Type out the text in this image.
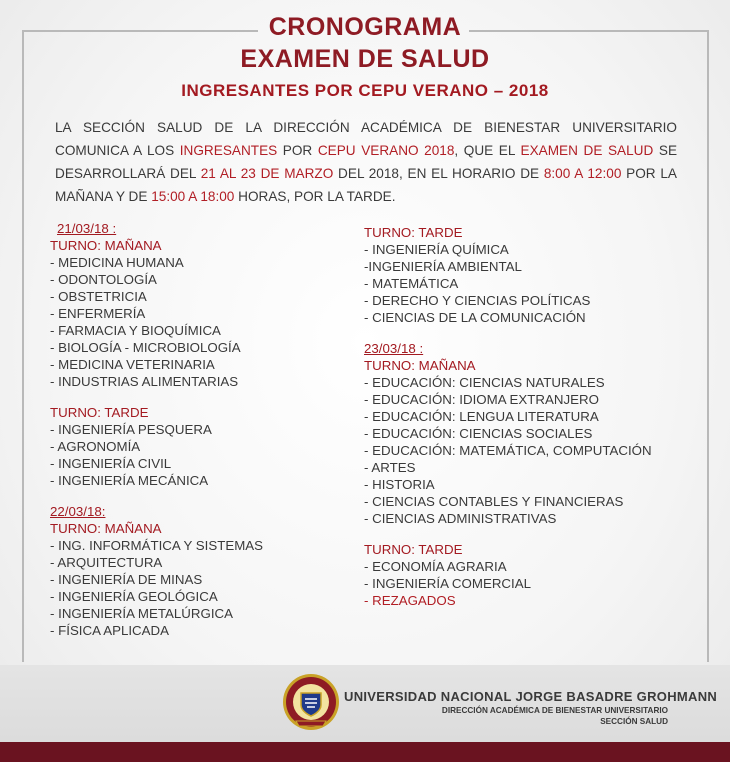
CRONOGRAMA
EXAMEN DE SALUD
INGRESANTES POR CEPU VERANO – 2018
LA SECCIÓN SALUD DE LA DIRECCIÓN ACADÉMICA DE BIENESTAR UNIVERSITARIO COMUNICA A LOS INGRESANTES POR CEPU VERANO 2018, QUE EL EXAMEN DE SALUD SE DESARROLLARÁ DEL 21 AL 23 DE MARZO DEL 2018, EN EL HORARIO DE 8:00 A 12:00 POR LA MAÑANA Y DE 15:00 A 18:00 HORAS, POR LA TARDE.
21/03/18 :
TURNO: MAÑANA
- MEDICINA HUMANA
- ODONTOLOGÍA
- OBSTETRICIA
- ENFERMERÍA
- FARMACIA Y BIOQUÍMICA
- BIOLOGÍA - MICROBIOLOGÍA
- MEDICINA VETERINARIA
- INDUSTRIAS ALIMENTARIAS
TURNO: TARDE
- INGENIERÍA PESQUERA
- AGRONOMÍA
- INGENIERÍA CIVIL
- INGENIERÍA MECÁNICA
22/03/18:
TURNO: MAÑANA
- ING. INFORMÁTICA Y SISTEMAS
- ARQUITECTURA
- INGENIERÍA DE MINAS
- INGENIERÍA GEOLÓGICA
- INGENIERÍA METALÚRGICA
- FÍSICA APLICADA
TURNO: TARDE
- INGENIERÍA QUÍMICA
-INGENIERÍA AMBIENTAL
- MATEMÁTICA
- DERECHO Y CIENCIAS POLÍTICAS
- CIENCIAS DE LA COMUNICACIÓN
23/03/18 :
TURNO: MAÑANA
- EDUCACIÓN: CIENCIAS NATURALES
- EDUCACIÓN: IDIOMA EXTRANJERO
- EDUCACIÓN: LENGUA LITERATURA
- EDUCACIÓN: CIENCIAS SOCIALES
- EDUCACIÓN: MATEMÁTICA, COMPUTACIÓN
- ARTES
- HISTORIA
- CIENCIAS CONTABLES Y FINANCIERAS
- CIENCIAS ADMINISTRATIVAS
TURNO: TARDE
- ECONOMÍA AGRARIA
- INGENIERÍA COMERCIAL
- REZAGADOS
UNIVERSIDAD NACIONAL JORGE BASADRE GROHMANN
DIRECCIÓN ACADÉMICA DE BIENESTAR UNIVERSITARIO
SECCIÓN SALUD
